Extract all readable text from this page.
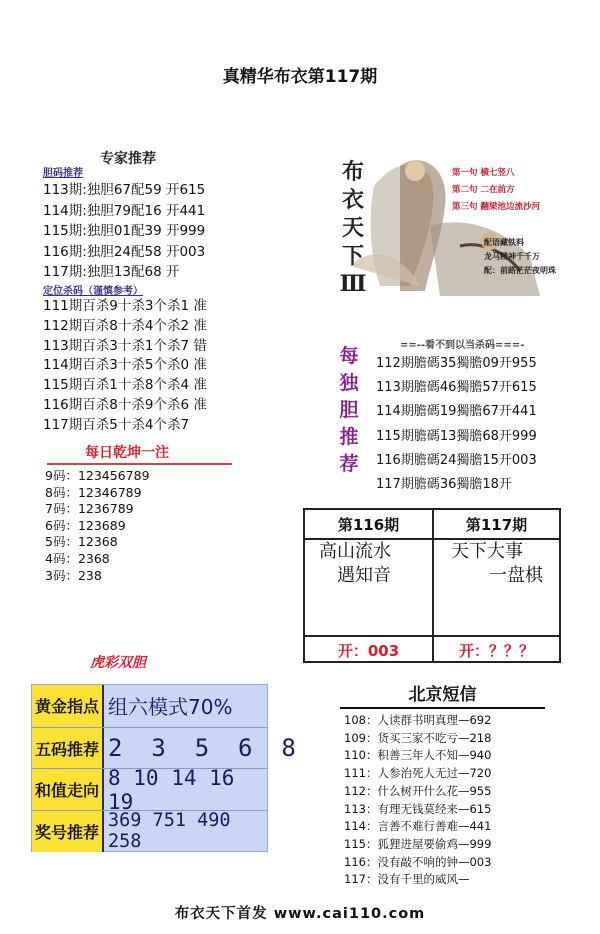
真精华布衣第117期
专家推荐
胆码推荐
113期:独胆67配59 开615
114期:独胆79配16 开441
115期:独胆01配39 开999
116期:独胆24配58 开003
117期:独胆13配68 开
定位杀码（谨慎参考）
111期百杀9十杀3个杀1 准
112期百杀8十杀4个杀2 准
113期百杀3十杀1个杀7 错
114期百杀3十杀5个杀0 准
115期百杀1十杀8个杀4 准
116期百杀8十杀9个杀6 准
117期百杀5十杀4个杀7
每日乾坤一注
9码：123456789
8码：12346789
7码：1236789
6码：123689
5码：12368
4码：2368
3码：238
虎彩双胆
黄金指点 组六模式70%
五码推荐 2  3  5  6  8
和值走向
8 10 14 16 19
奖号推荐
369 751 490 258
布
衣
天
下
Ⅲ
第一句 横七竖八
第二句 二在前方
第三句 翻梁池边流沙河
配语藏铁料
龙马精神千千万
配：前路茫茫夜明珠
==--看不到以当杀码===-
每
独
胆
推
荐
112期膽碼35獨膽09开955
113期膽碼46獨膽57开615
114期膽碼19獨膽67开441
115期膽碼13獨膽68开999
116期膽碼24獨膽15开003
117期膽碼36獨膽18开
第116期
高山流水
遇知音
开：003
第117期
天下大事
一盘棋
开：？？？
北京短信
108：人读群书明真理—692
109：货买三家不吃亏—218
110：积善三年人不知—940
111：人参治死人无过—720
112：什么树开什么花—955
113：有理无钱莫经来—615
114：言善不难行善难—441
115：狐狸进屋要偷鸡—999
116：没有敲不响的钟—003
117：没有千里的威风—
布衣天下首发 www.cai110.com
